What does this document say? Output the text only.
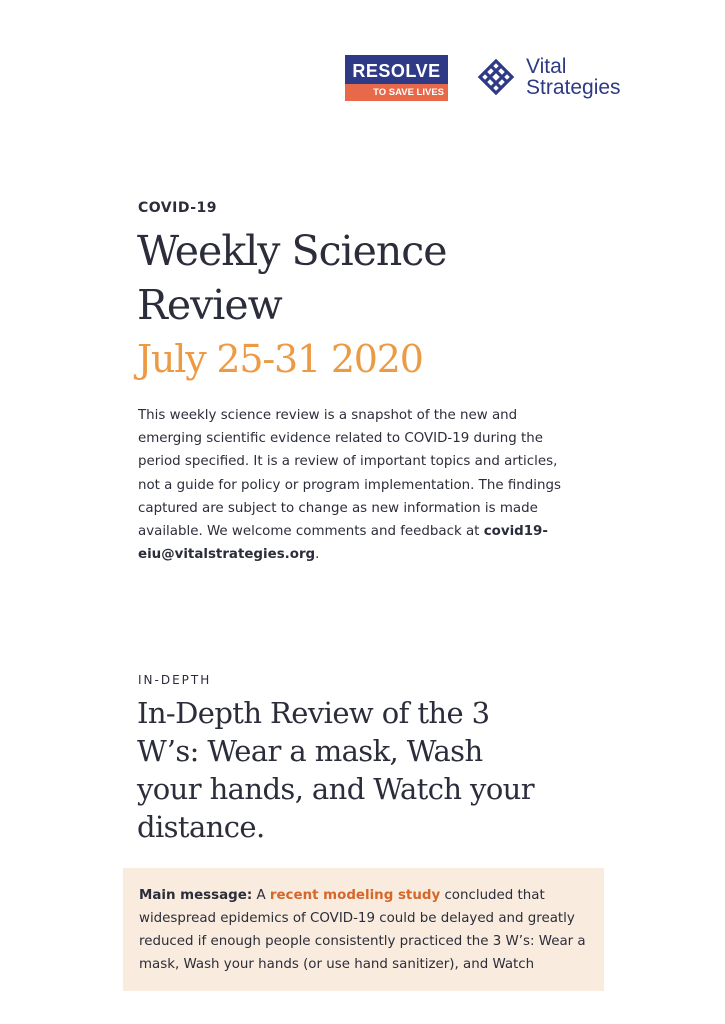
RESOLVE
TO SAVE LIVES
Vital
Strategies

COVID-19

Weekly Science Review

July 25-31 2020

This weekly science review is a snapshot of the new and emerging scientific evidence related to COVID-19 during the period specified. It is a review of important topics and articles, not a guide for policy or program implementation. The findings captured are subject to change as new information is made available. We welcome comments and feedback at covid19-eiu@vitalstrategies.org.

IN-DEPTH

In-Depth Review of the 3 W’s: Wear a mask, Wash your hands, and Watch your distance.

Main message: A recent modeling study concluded that widespread epidemics of COVID-19 could be delayed and greatly reduced if enough people consistently practiced the 3 W’s: Wear a mask, Wash your hands (or use hand sanitizer), and Watch
